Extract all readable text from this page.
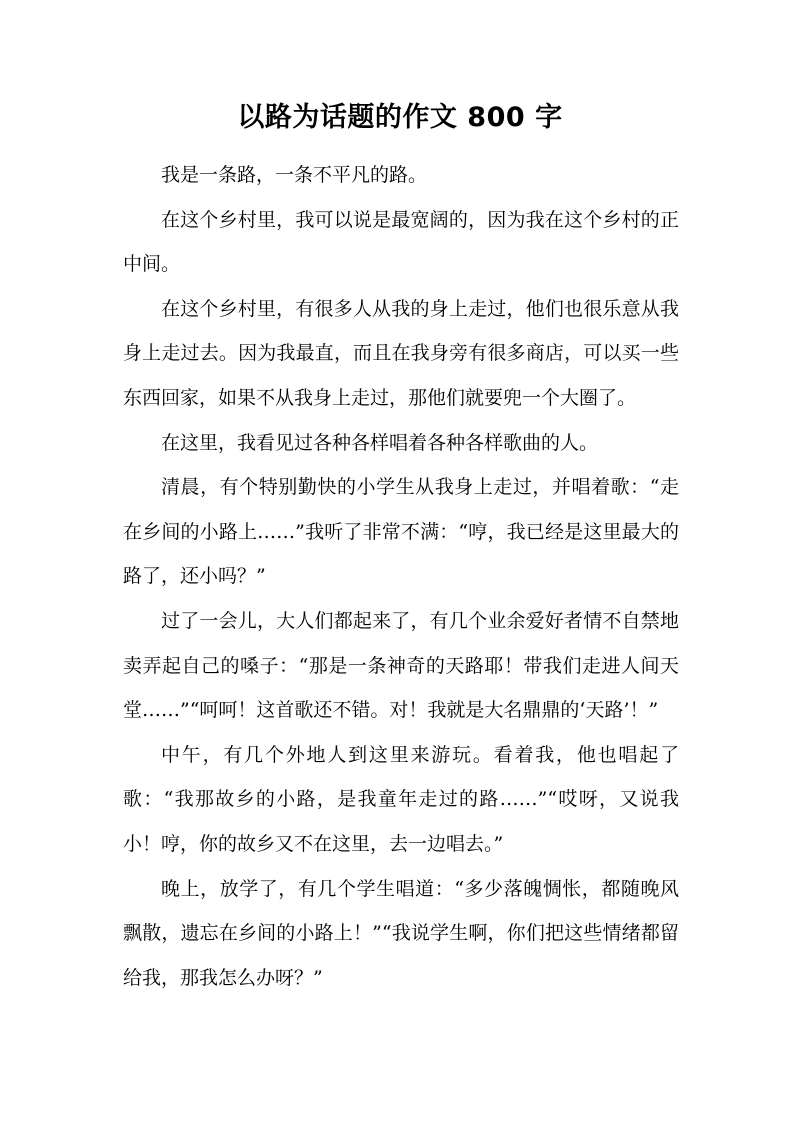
以路为话题的作文 800 字

我是一条路，一条不平凡的路。

在这个乡村里，我可以说是最宽阔的，因为我在这个乡村的正中间。

在这个乡村里，有很多人从我的身上走过，他们也很乐意从我身上走过去。因为我最直，而且在我身旁有很多商店，可以买一些东西回家，如果不从我身上走过，那他们就要兜一个大圈了。

在这里，我看见过各种各样唱着各种各样歌曲的人。

清晨，有个特别勤快的小学生从我身上走过，并唱着歌：“走在乡间的小路上……”我听了非常不满：“哼，我已经是这里最大的路了，还小吗？”

过了一会儿，大人们都起来了，有几个业余爱好者情不自禁地卖弄起自己的嗓子：“那是一条神奇的天路耶！带我们走进人间天堂……”“呵呵！这首歌还不错。对！我就是大名鼎鼎的‘天路’！”

中午，有几个外地人到这里来游玩。看着我，他也唱起了歌：“我那故乡的小路，是我童年走过的路……”“哎呀，又说我小！哼，你的故乡又不在这里，去一边唱去。”

晚上，放学了，有几个学生唱道：“多少落魄惆怅，都随晚风飘散，遗忘在乡间的小路上！”“我说学生啊，你们把这些情绪都留给我，那我怎么办呀？”
